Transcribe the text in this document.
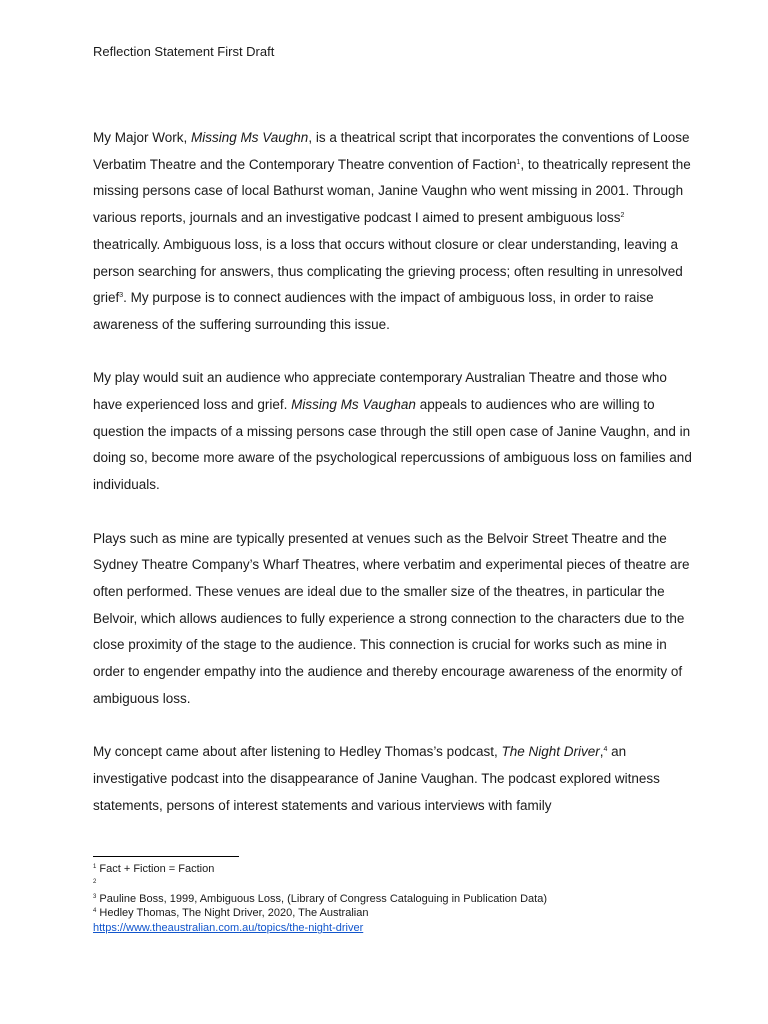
Reflection Statement First Draft

My Major Work, Missing Ms Vaughn, is a theatrical script that incorporates the conventions of Loose Verbatim Theatre and the Contemporary Theatre convention of Faction$^1$, to theatrically represent the missing persons case of local Bathurst woman, Janine Vaughn who went missing in 2001. Through various reports, journals and an investigative podcast I aimed to present ambiguous loss$^2$ theatrically. Ambiguous loss, is a loss that occurs without closure or clear understanding, leaving a person searching for answers, thus complicating the grieving process; often resulting in unresolved grief$^3$. My purpose is to connect audiences with the impact of ambiguous loss, in order to raise awareness of the suffering surrounding this issue.

My play would suit an audience who appreciate contemporary Australian Theatre and those who have experienced loss and grief. Missing Ms Vaughan appeals to audiences who are willing to question the impacts of a missing persons case through the still open case of Janine Vaughn, and in doing so, become more aware of the psychological repercussions of ambiguous loss on families and individuals.

Plays such as mine are typically presented at venues such as the Belvoir Street Theatre and the Sydney Theatre Company’s Wharf Theatres, where verbatim and experimental pieces of theatre are often performed. These venues are ideal due to the smaller size of the theatres, in particular the Belvoir, which allows audiences to fully experience a strong connection to the characters due to the close proximity of the stage to the audience. This connection is crucial for works such as mine in order to engender empathy into the audience and thereby encourage awareness of the enormity of ambiguous loss.

My concept came about after listening to Hedley Thomas’s podcast, The Night Driver,$^4$ an investigative podcast into the disappearance of Janine Vaughan. The podcast explored witness statements, persons of interest statements and various interviews with family

$^1$ Fact + Fiction = Faction
$^2$
$^3$ Pauline Boss, 1999, Ambiguous Loss, (Library of Congress Cataloguing in Publication Data)
$^4$ Hedley Thomas, The Night Driver, 2020, The Australian
https://www.theaustralian.com.au/topics/the-night-driver
